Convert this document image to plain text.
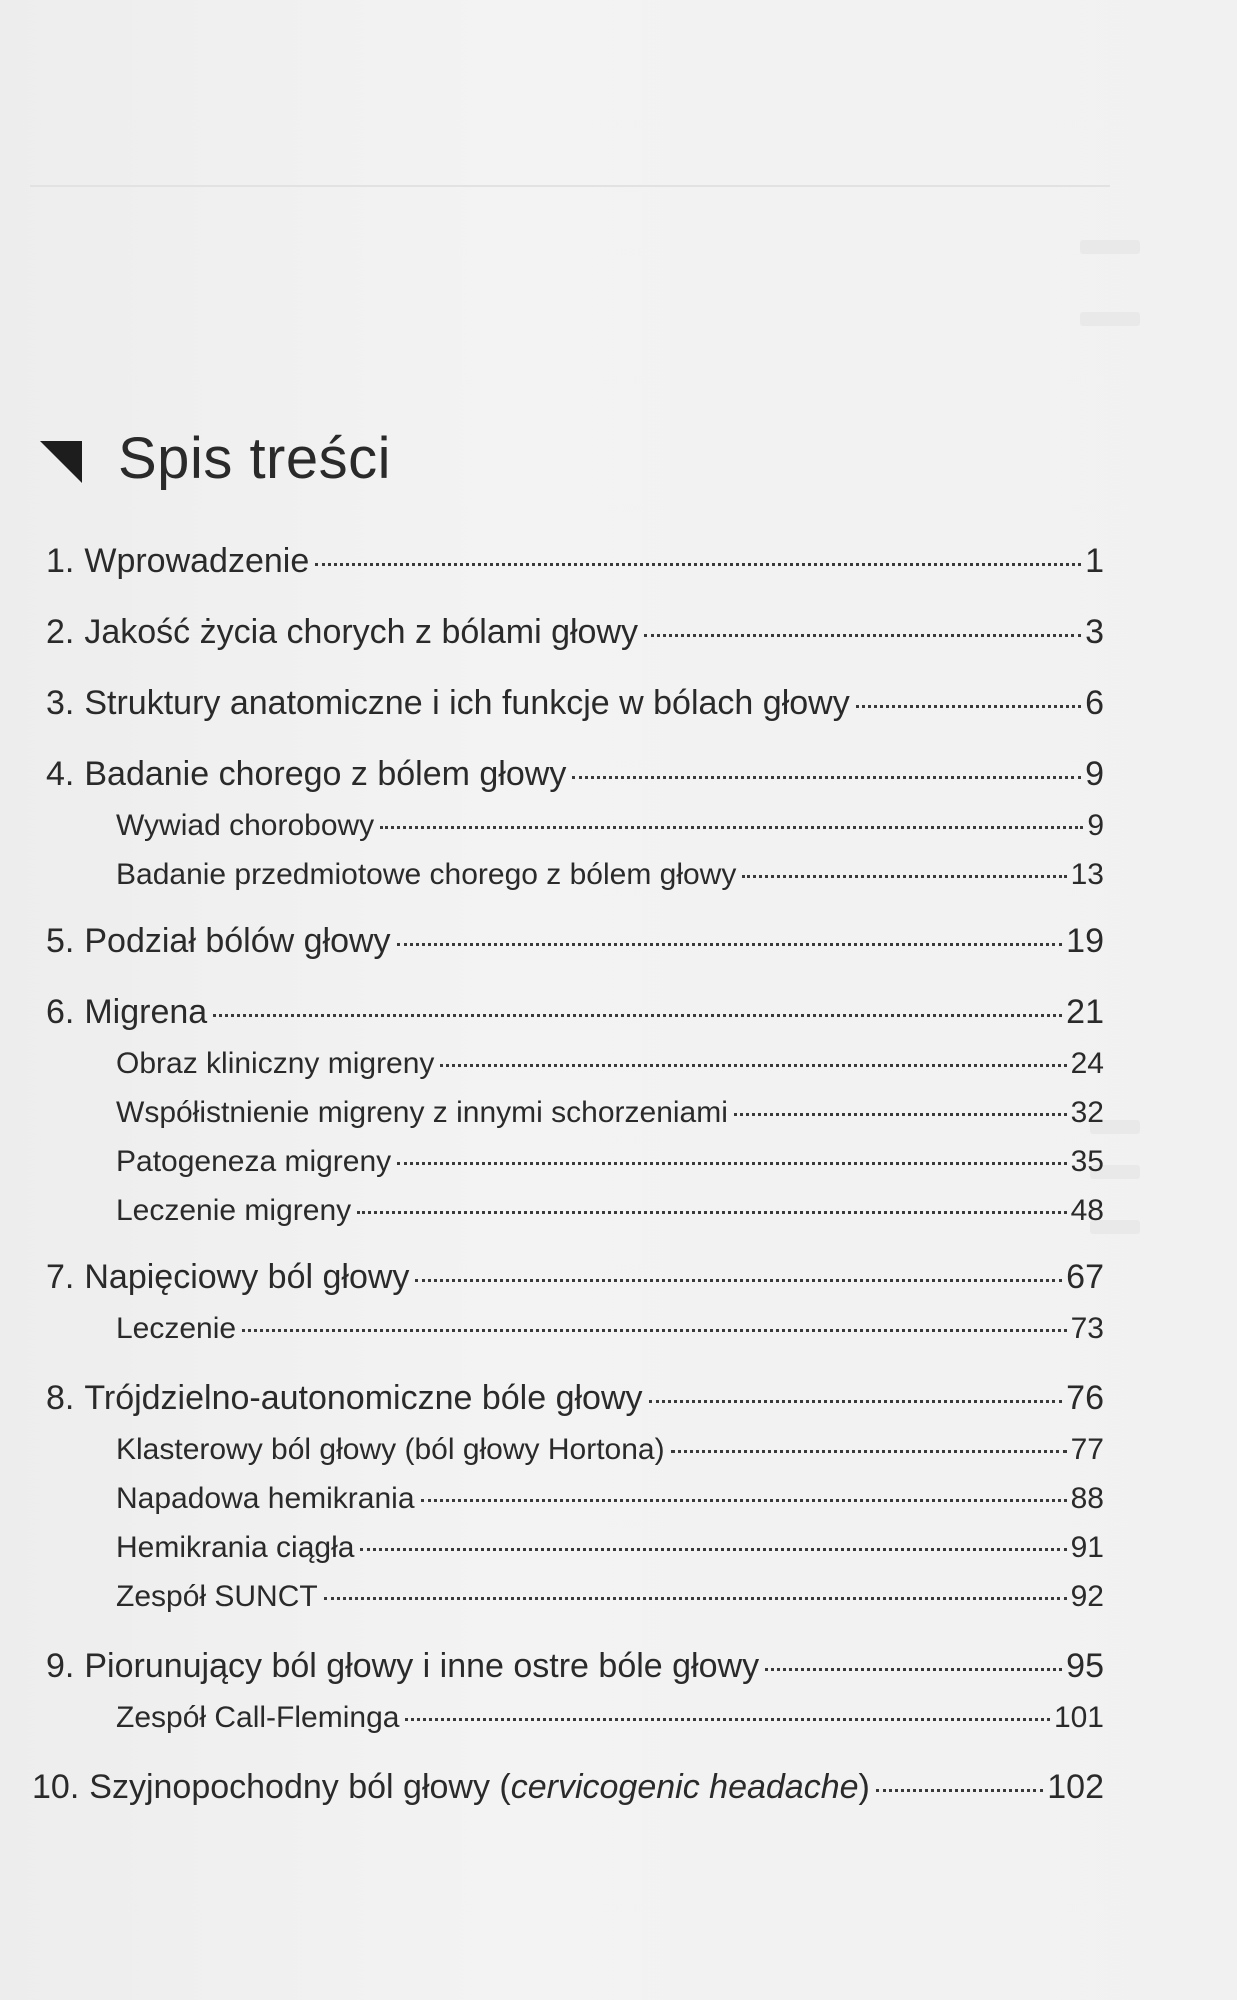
Spis treści
1. Wprowadzenie	1
2. Jakość życia chorych z bólami głowy	3
3. Struktury anatomiczne i ich funkcje w bólach głowy	6
4. Badanie chorego z bólem głowy	9
Wywiad chorobowy	9
Badanie przedmiotowe chorego z bólem głowy	13
5. Podział bólów głowy	19
6. Migrena	21
Obraz kliniczny migreny	24
Współistnienie migreny z innymi schorzeniami	32
Patogeneza migreny	35
Leczenie migreny	48
7. Napięciowy ból głowy	67
Leczenie	73
8. Trójdzielno-autonomiczne bóle głowy	76
Klasterowy ból głowy (ból głowy Hortona)	77
Napadowa hemikrania	88
Hemikrania ciągła	91
Zespół SUNCT	92
9. Piorunujący ból głowy i inne ostre bóle głowy	95
Zespół Call-Fleminga	101
10. Szyjnopochodny ból głowy (cervicogenic headache)	102
